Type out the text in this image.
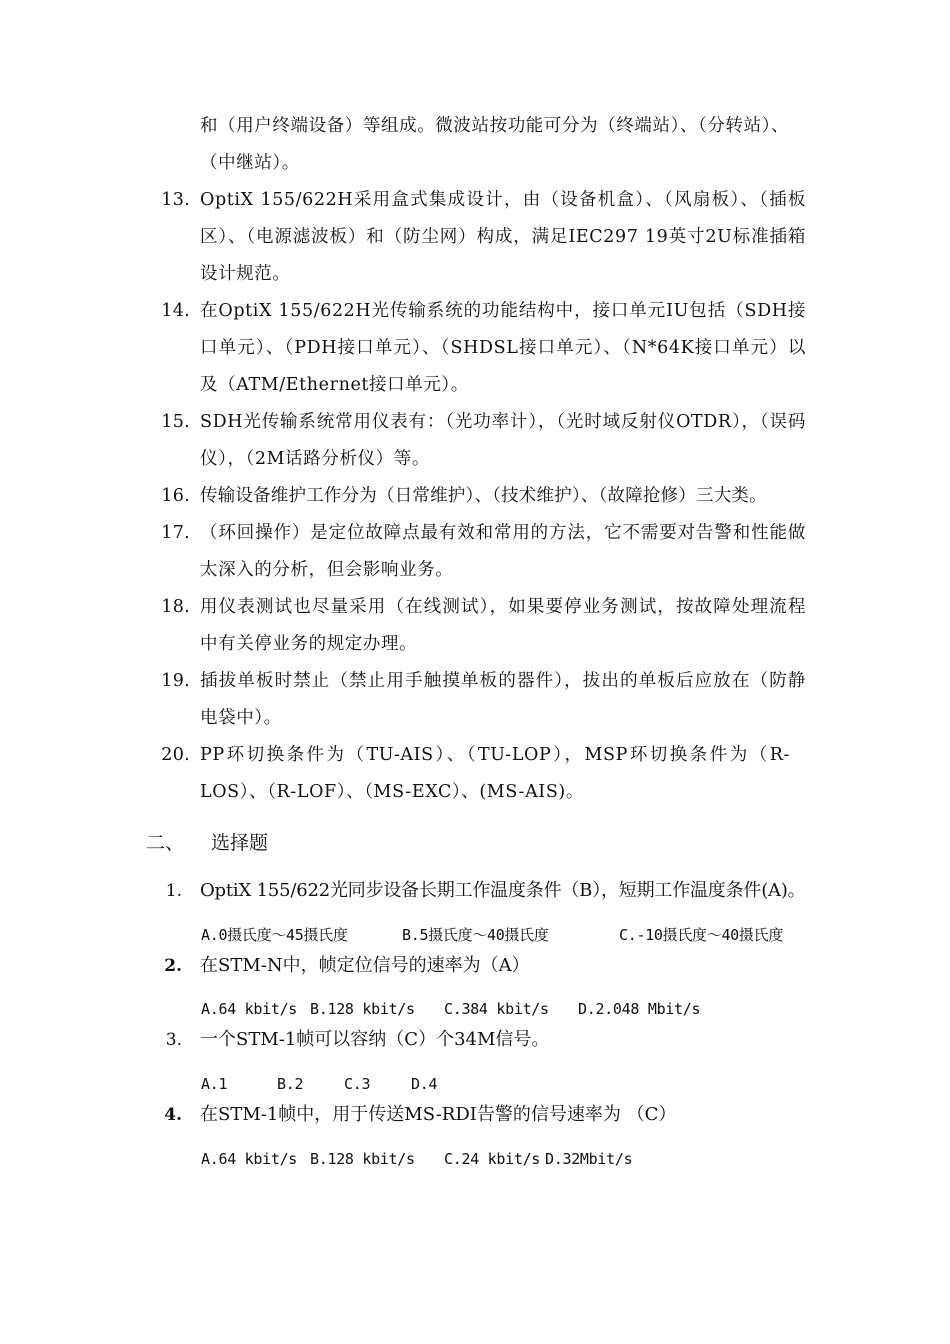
和（用户终端设备）等组成。微波站按功能可分为（终端站）、（分转站）、
（中继站）。
13. OptiX 155/622H采用盒式集成设计，由（设备机盒）、（风扇板）、（插板区）、（电源滤波板）和（防尘网）构成，满足IEC297 19英寸2U标准插箱设计规范。
14. 在OptiX 155/622H光传输系统的功能结构中，接口单元IU包括（SDH接口单元）、（PDH接口单元）、（SHDSL接口单元）、（N*64K接口单元）以及（ATM/Ethernet接口单元）。
15. SDH光传输系统常用仪表有：（光功率计），（光时域反射仪OTDR），（误码仪），（2M话路分析仪）等。
16. 传输设备维护工作分为（日常维护）、（技术维护）、（故障抢修）三大类。
17. （环回操作）是定位故障点最有效和常用的方法，它不需要对告警和性能做太深入的分析，但会影响业务。
18. 用仪表测试也尽量采用（在线测试），如果要停业务测试，按故障处理流程中有关停业务的规定办理。
19. 插拔单板时禁止（禁止用手触摸单板的器件），拔出的单板后应放在（防静电袋中）。
20. PP环切换条件为（TU-AIS）、（TU-LOP），MSP环切换条件为（R-LOS）、（R-LOF）、（MS-EXC）、(MS-AIS)。
二、 选择题
1. OptiX 155/622光同步设备长期工作温度条件（B），短期工作温度条件(A)。
A.0摄氏度～45摄氏度	B.5摄氏度～40摄氏度	C.-10摄氏度～40摄氏度
2. 在STM-N中，帧定位信号的速率为（A）
A.64 kbit/s B.128 kbit/s C.384 kbit/s D.2.048 Mbit/s
3. 一个STM-1帧可以容纳（C）个34M信号。
A.1	B.2	C.3	D.4
4. 在STM-1帧中，用于传送MS-RDI告警的信号速率为 （C）
A.64 kbit/s B.128 kbit/s C.24 kbit/s D.32Mbit/s
